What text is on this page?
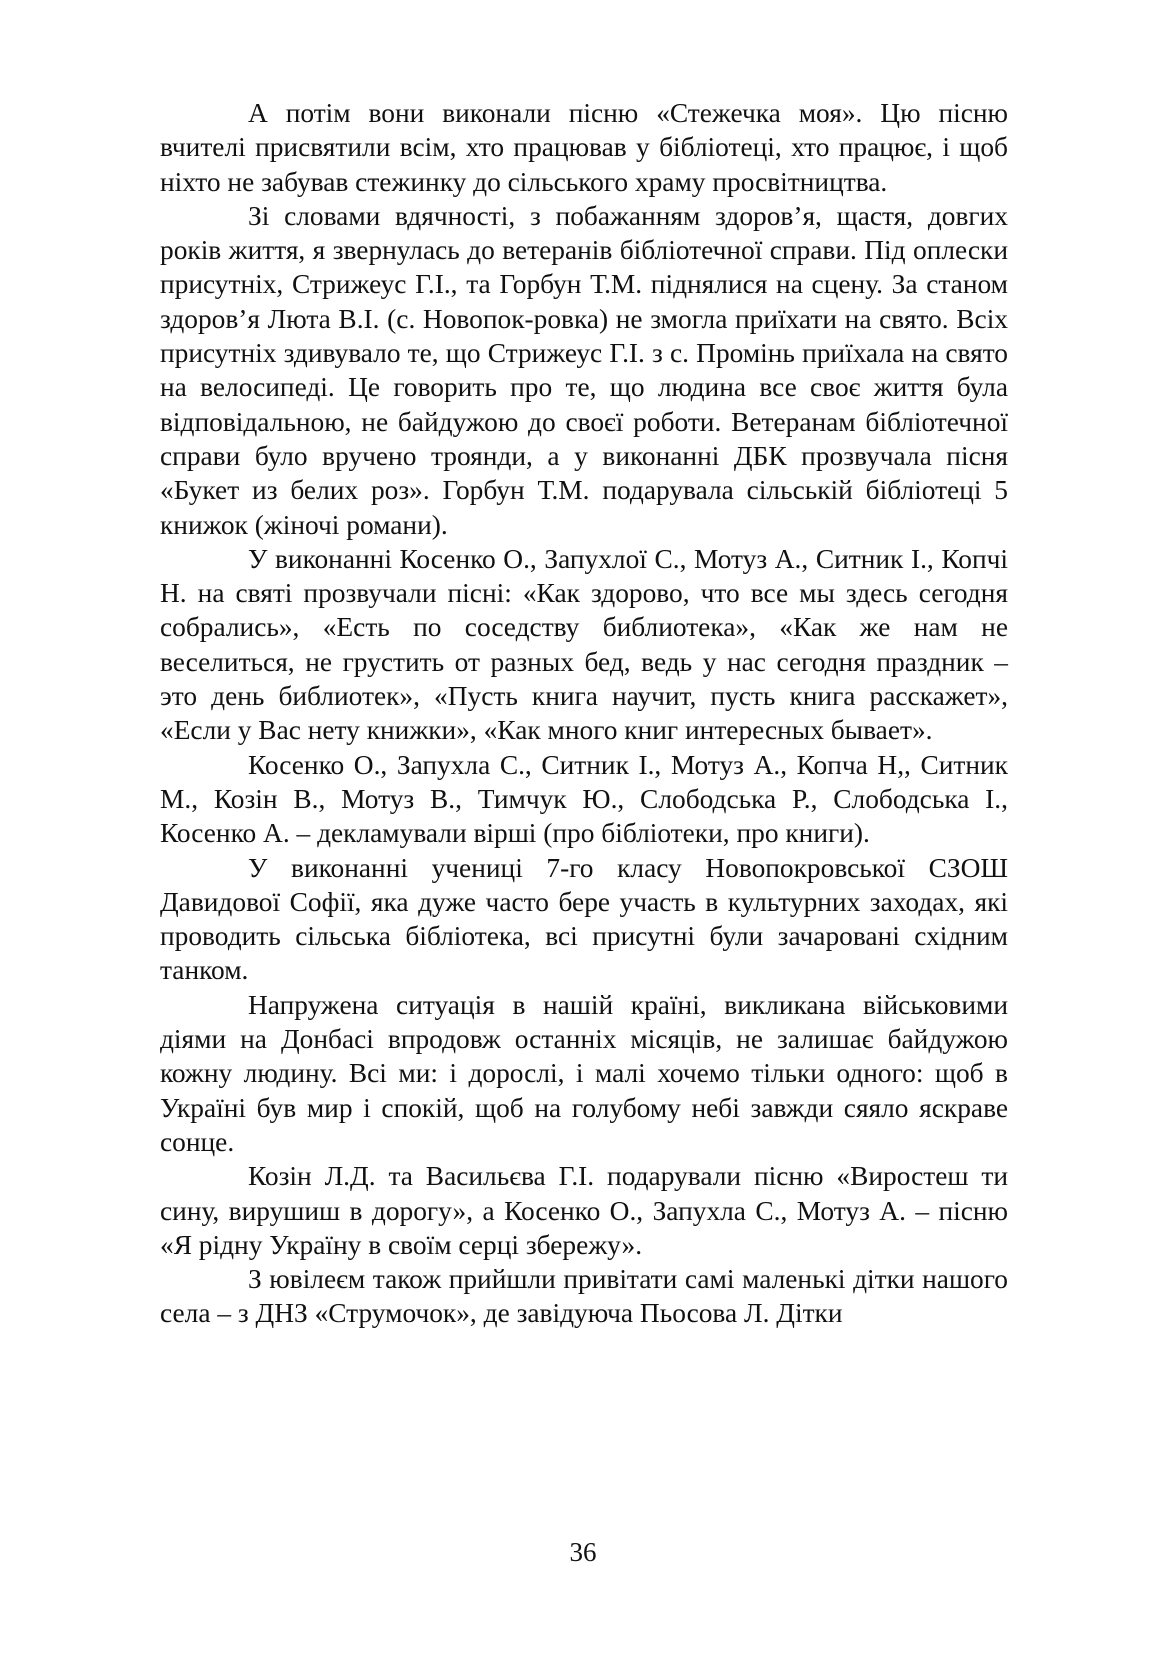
А потім вони виконали пісню «Стежечка моя». Цю пісню вчителі присвятили всім, хто працював у бібліотеці, хто працює, і щоб ніхто не забував стежинку до сільського храму просвітництва.

Зі словами вдячності, з побажанням здоров’я, щастя, довгих років життя, я звернулась до ветеранів бібліотечної справи. Під оплески присутніх, Стрижеус Г.І., та Горбун Т.М. піднялися на сцену. За станом здоров’я Люта В.І. (с. Новопок-ровка) не змогла приїхати на свято. Всіх присутніх здивувало те, що Стрижеус Г.І. з с. Промінь приїхала на свято на велосипеді. Це говорить про те, що людина все своє життя була відповідальною, не байдужою до своєї роботи. Ветеранам бібліотечної справи було вручено троянди, а у виконанні ДБК прозвучала пісня «Букет из белих роз». Горбун Т.М. подарувала сільській бібліотеці 5 книжок (жіночі романи).

У виконанні Косенко О., Запухлої С., Мотуз А., Ситник І., Копчі Н. на святі прозвучали пісні: «Как здорово, что все мы здесь сегодня собрались», «Есть по соседству библиотека», «Как же нам не веселиться, не грустить от разных бед, ведь у нас сегодня праздник – это день библиотек», «Пусть книга научит, пусть книга расскажет», «Если у Вас нету книжки», «Как много книг интересных бывает».

Косенко О., Запухла С., Ситник І., Мотуз А., Копча Н,, Ситник М., Козін В., Мотуз В., Тимчук Ю., Слободська Р., Слободська І., Косенко А. – декламували вірші (про бібліотеки, про книги).

У виконанні учениці 7-го класу Новопокровської СЗОШ Давидової Софії, яка дуже часто бере участь в культурних заходах, які проводить сільська бібліотека, всі присутні були зачаровані східним танком.

Напружена ситуація в нашій країні, викликана військовими діями на Донбасі впродовж останніх місяців, не залишає байдужою кожну людину. Всі ми: і дорослі, і малі хочемо тільки одного: щоб в Україні був мир і спокій, щоб на голубому небі завжди сяяло яскраве сонце.

Козін Л.Д. та Васильєва Г.І. подарували пісню «Виростеш ти сину, вирушиш в дорогу», а Косенко О., Запухла С., Мотуз А. – пісню «Я рідну Україну в своїм серці збережу».

З ювілеєм також прийшли привітати самі маленькі дітки нашого села – з ДНЗ «Струмочок», де завідуюча Пьосова Л. Дітки

36
